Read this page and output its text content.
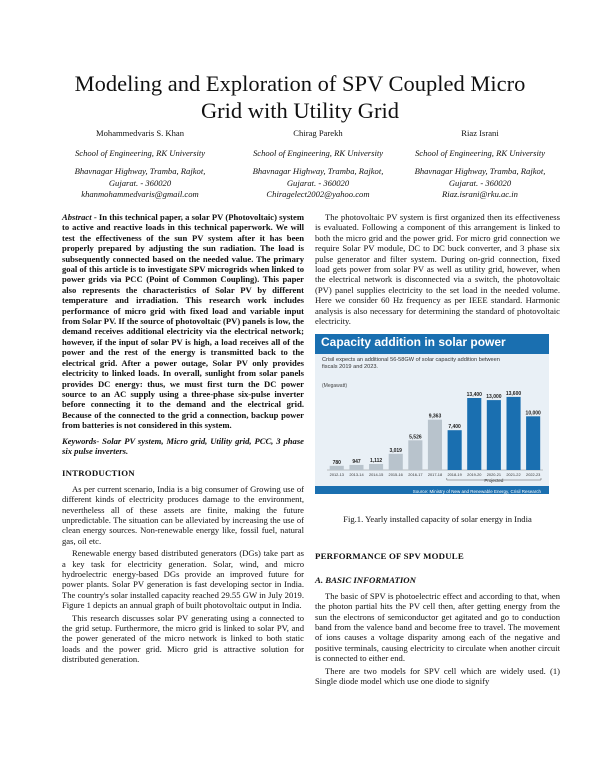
Modeling and Exploration of SPV Coupled Micro
Grid with Utility Grid
Mohammedvaris S. Khan
School of Engineering, RK University
Bhavnagar Highway, Tramba, Rajkot, Gujarat. - 360020
khanmohammedvaris@gmail.com
Chirag Parekh
School of Engineering, RK University
Bhavnagar Highway, Tramba, Rajkot, Gujarat. - 360020
Chiragelect2002@yahoo.com
Riaz Israni
School of Engineering, RK University
Bhavnagar Highway, Tramba, Rajkot, Gujarat. - 360020
Riaz.israni@rku.ac.in

Abstract - In this technical paper, a solar PV (Photovoltaic) system to active and reactive loads in this technical paperwork. We will test the effectiveness of the sun PV system after it has been properly prepared by adjusting the sun radiation. The load is subsequently connected based on the needed value. The primary goal of this article is to investigate SPV microgrids when linked to power grids via PCC (Point of Common Coupling). This paper also represents the characteristics of Solar PV by different temperature and irradiation. This research work includes performance of micro grid with fixed load and variable input from Solar PV. If the source of photovoltaic (PV) panels is low, the demand receives additional electricity via the electrical network; however, if the input of solar PV is high, a load receives all of the power and the rest of the energy is transmitted back to the electrical grid. After a power outage, Solar PV only provides electricity to linked loads. In overall, sunlight from solar panels provides DC energy: thus, we must first turn the DC power source to an AC supply using a three-phase six-pulse inverter before connecting it to the demand and the electrical grid. Because of the connected to the grid a connection, backup power from batteries is not considered in this system.

Keywords- Solar PV system, Micro grid, Utility grid, PCC, 3 phase six pulse inverters.

INTRODUCTION

As per current scenario, India is a big consumer of Growing use of different kinds of electricity produces damage to the environment, nevertheless all of these assets are finite, making the future unpredictable. The situation can be alleviated by increasing the use of clean energy sources. Non-renewable energy like, fossil fuel, natural gas, oil etc.

Renewable energy based distributed generators (DGs) take part as a key task for electricity generation. Solar, wind, and micro hydroelectric energy-based DGs provide an improved future for power plants. Solar PV generation is fast developing sector in India. The country's solar installed capacity reached 29.55 GW in July 2019. Figure 1 depicts an annual graph of built photovoltaic output in India.

This research discusses solar PV generating using a connected to the grid setup. Furthermore, the micro grid is linked to solar PV, and the power generated of the micro network is linked to both static loads and the power grid. Micro grid is attractive solution for distributed generation.

The photovoltaic PV system is first organized then its effectiveness is evaluated. Following a component of this arrangement is linked to both the micro grid and the power grid. For micro grid connection we require Solar PV module, DC to DC buck converter, and 3 phase six pulse generator and filter system. During on-grid connection, fixed load gets power from solar PV as well as utility grid, however, when the electrical network is disconnected via a switch, the photovoltaic (PV) panel supplies electricity to the set load in the needed volume. Here we consider 60 Hz frequency as per IEEE standard. Harmonic analysis is also necessary for determining the standard of photovoltaic electricity.

Capacity addition in solar power
Crisil expects an additional 56-58GW of solar capacity addition between fiscals 2019 and 2023.
(Megawatt)
780
2012-13
947
2013-14
1,112
2014-15
3,019
2015-16
5,526
2016-17
9,363
2017-18
7,400
2018-19
13,400
2019-20
13,000
2020-21
13,600
2021-22
10,000
2022-23
Projected
Source: Ministry of New and Renewable Energy, Crisil Research

Fig.1. Yearly installed capacity of solar energy in India

PERFORMANCE OF SPV MODULE
A. BASIC INFORMATION

The basic of SPV is photoelectric effect and according to that, when the photon partial hits the PV cell then, after getting energy from the sun the electrons of semiconductor get agitated and go to conduction band from the valence band and become free to travel. The movement of ions causes a voltage disparity among each of the negative and positive terminals, causing electricity to circulate when another circuit is connected to either end.

There are two models for SPV cell which are widely used. (1) Single diode model which use one diode to signify
